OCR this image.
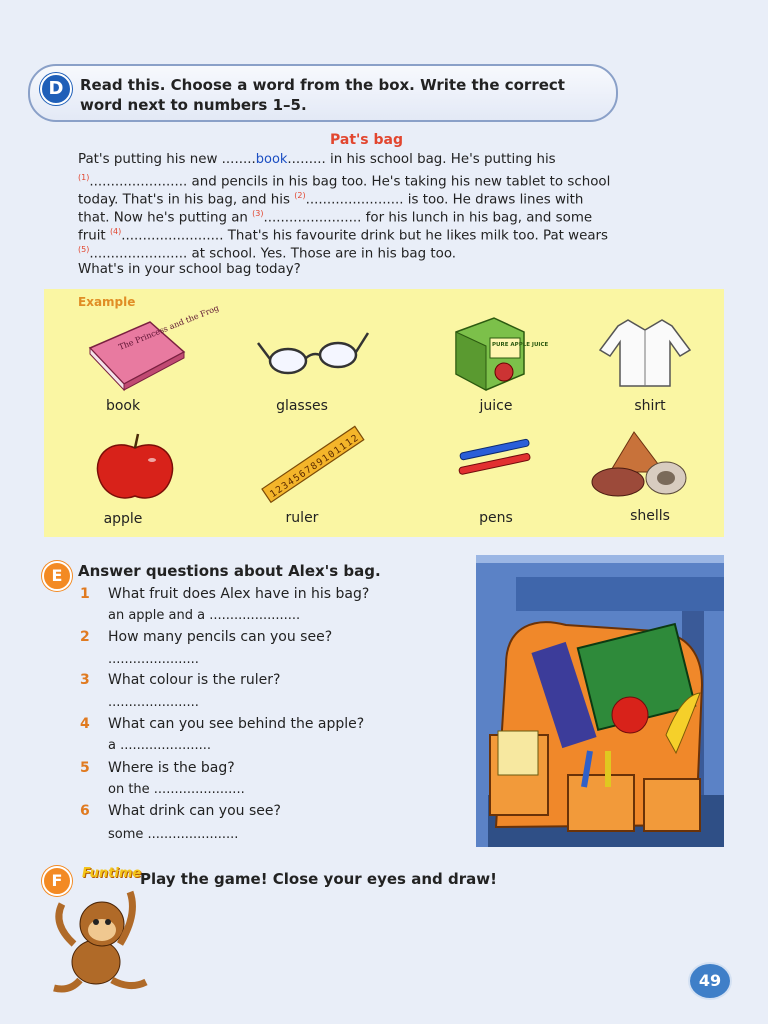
D	Read this. Choose a word from the box. Write the correct word next to numbers 1–5.
Pat's bag
Pat's putting his new ........book......... in his school bag. He's putting his
$^{(1)}$....................... and pencils in his bag too. He's taking his new tablet to school
today. That's in his bag, and his $^{(2)}$....................... is too. He draws lines with
that. Now he's putting an $^{(3)}$....................... for his lunch in his bag, and some
fruit $^{(4)}$........................ That's his favourite drink but he likes milk too. Pat wears
$^{(5)}$....................... at school. Yes. Those are in his bag too.
What's in your school bag today?
Example
The Princess and the Frog	PURE APPLE JUICE
123456789101112
book	glasses	juice	shirt
apple	ruler	pens	shells
E	Answer questions about Alex's bag.
1 What fruit does Alex have in his bag?
an apple and a ......................
2 How many pencils can you see?
......................
3 What colour is the ruler?
......................
4 What can you see behind the apple?
a ......................
5 Where is the bag?
on the ......................
6 What drink can you see?
some ......................
F	Funtime
Play the game! Close your eyes and draw!
49
